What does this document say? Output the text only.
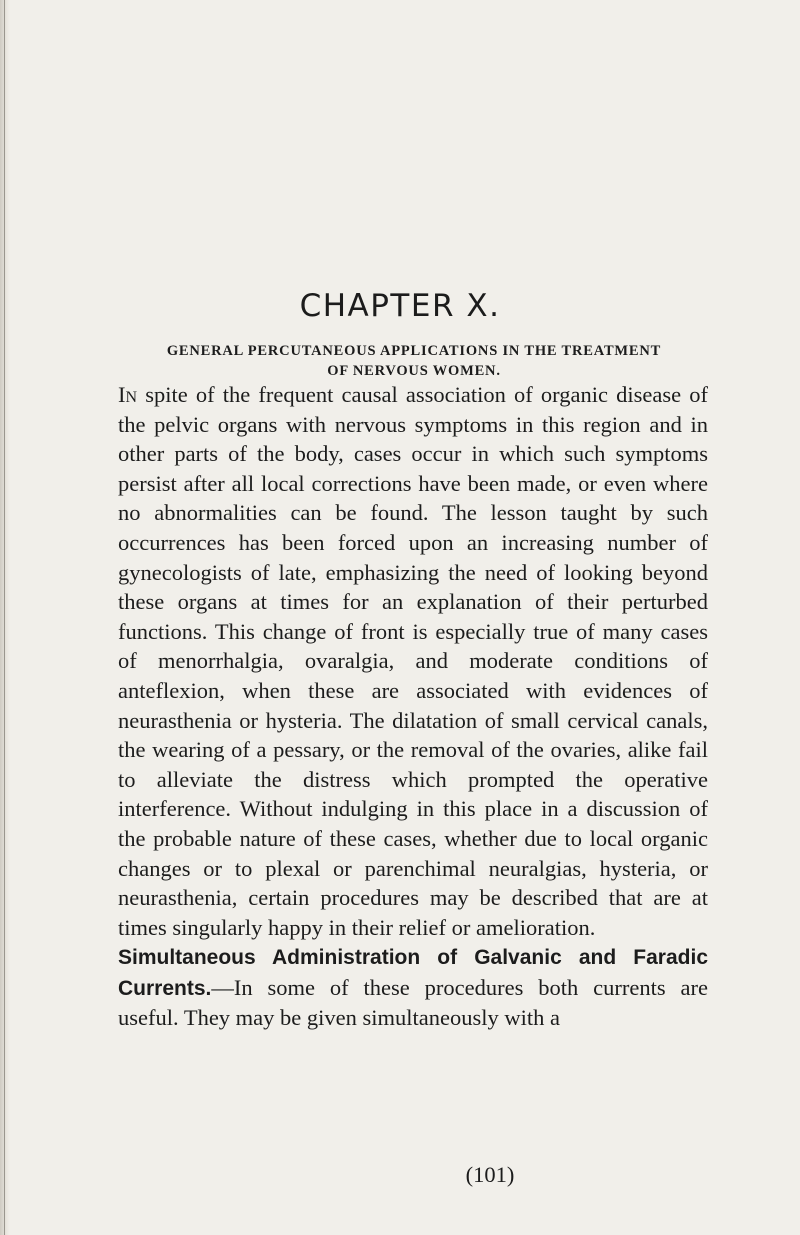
CHAPTER X.
GENERAL PERCUTANEOUS APPLICATIONS IN THE TREATMENT
OF NERVOUS WOMEN.

In spite of the frequent causal association of organic disease of the pelvic organs with nervous symptoms in this region and in other parts of the body, cases occur in which such symptoms persist after all local corrections have been made, or even where no abnormalities can be found. The lesson taught by such occurrences has been forced upon an increasing number of gynecologists of late, emphasizing the need of looking beyond these organs at times for an explanation of their perturbed functions. This change of front is especially true of many cases of menorrhalgia, ovaralgia, and moderate conditions of anteflexion, when these are associated with evidences of neurasthenia or hysteria. The dilatation of small cervical canals, the wearing of a pessary, or the removal of the ovaries, alike fail to alleviate the distress which prompted the operative interference. Without indulging in this place in a discussion of the probable nature of these cases, whether due to local organic changes or to plexal or parenchimal neuralgias, hysteria, or neurasthenia, certain procedures may be described that are at times singularly happy in their relief or amelioration.

Simultaneous Administration of Galvanic and Faradic Currents.—In some of these procedures both currents are useful. They may be given simultaneously with a

(101)
